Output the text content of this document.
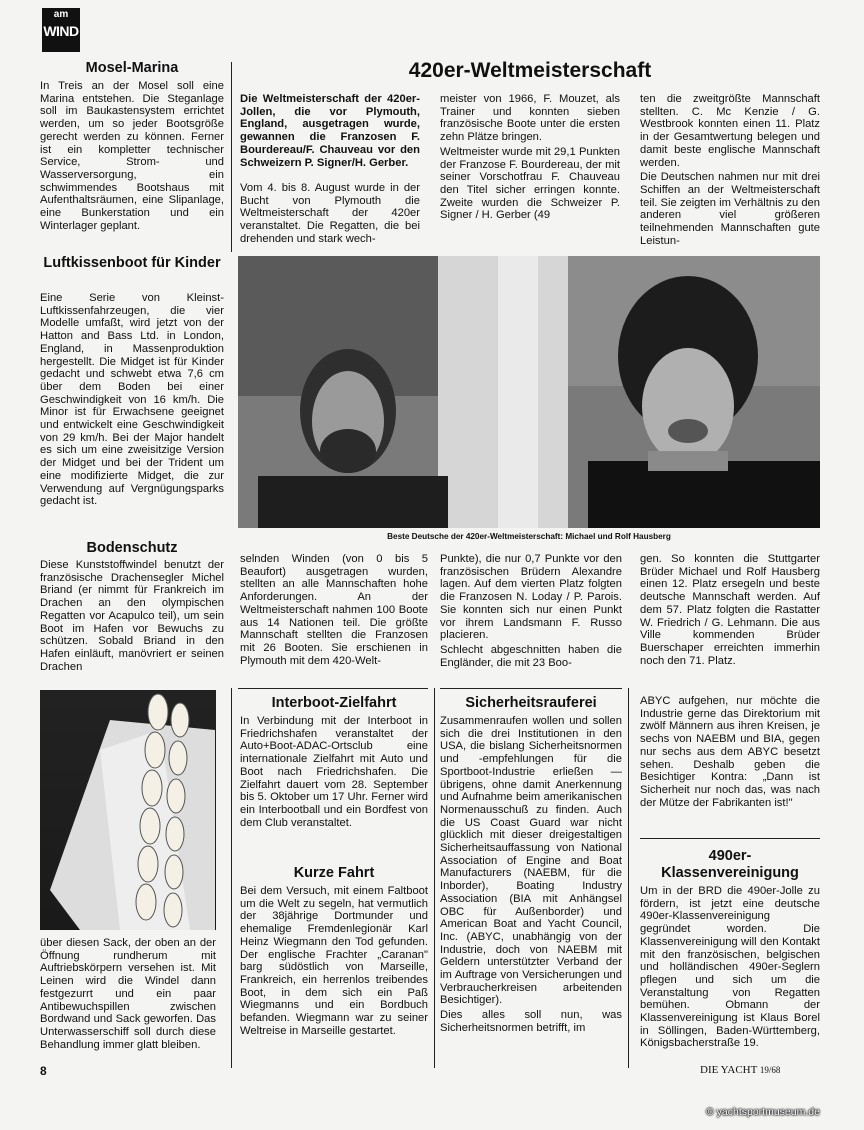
am
WIND
Mosel-Marina
In Treis an der Mosel soll eine Marina entstehen. Die Steganlage soll im Baukastensystem errichtet werden, um so jeder Bootsgröße gerecht werden zu können. Ferner ist ein kompletter technischer Service, Strom- und Wasserversorgung, ein schwimmendes Bootshaus mit Aufenthaltsräumen, eine Slipanlage, eine Bunkerstation und ein Winterlager geplant.
Luftkissenboot für Kinder
Eine Serie von Kleinst-Luftkissenfahrzeugen, die vier Modelle umfaßt, wird jetzt von der Hatton and Bass Ltd. in London, England, in Massenproduktion hergestellt. Die Midget ist für Kinder gedacht und schwebt etwa 7,6 cm über dem Boden bei einer Geschwindigkeit von 16 km/h. Die Minor ist für Erwachsene geeignet und entwickelt eine Geschwindigkeit von 29 km/h. Bei der Major handelt es sich um eine zweisitzige Version der Midget und bei der Trident um eine modifizierte Midget, die zur Verwendung auf Vergnügungsparks gedacht ist.
Bodenschutz
Diese Kunststoffwindel benutzt der französische Drachensegler Michel Briand (er nimmt für Frankreich im Drachen an den olympischen Regatten vor Acapulco teil), um sein Boot im Hafen vor Bewuchs zu schützen. Sobald Briand in den Hafen einläuft, manövriert er seinen Drachen
über diesen Sack, der oben an der Öffnung rundherum mit Auftriebskörpern versehen ist. Mit Leinen wird die Windel dann festgezurrt und ein paar Antibewuchspillen zwischen Bordwand und Sack geworfen. Das Unterwasserschiff soll durch diese Behandlung immer glatt bleiben.
420er-Weltmeisterschaft
Die Weltmeisterschaft der 420er-Jollen, die vor Plymouth, England, ausgetragen wurde, gewannen die Franzosen F. Bourdereau/F. Chauveau vor den Schweizern P. Signer/H. Gerber.
Vom 4. bis 8. August wurde in der Bucht von Plymouth die Weltmeisterschaft der 420er veranstaltet. Die Regatten, die bei drehenden und stark wech-
meister von 1966, F. Mouzet, als Trainer und konnten sieben französische Boote unter die ersten zehn Plätze bringen.
Weltmeister wurde mit 29,1 Punkten der Franzose F. Bourdereau, der mit seiner Vorschotfrau F. Chauveau den Titel sicher erringen konnte. Zweite wurden die Schweizer P. Signer / H. Gerber (49
ten die zweitgrößte Mannschaft stellten. C. Mc Kenzie / G. Westbrook konnten einen 11. Platz in der Gesamtwertung belegen und damit beste englische Mannschaft werden.
Die Deutschen nahmen nur mit drei Schiffen an der Weltmeisterschaft teil. Sie zeigten im Verhältnis zu den anderen viel größeren teilnehmenden Mannschaften gute Leistun-
Beste Deutsche der 420er-Weltmeisterschaft: Michael und Rolf Hausberg
selnden Winden (von 0 bis 5 Beaufort) ausgetragen wurden, stellten an alle Mannschaften hohe Anforderungen. An der Weltmeisterschaft nahmen 100 Boote aus 14 Nationen teil. Die größte Mannschaft stellten die Franzosen mit 26 Booten. Sie erschienen in Plymouth mit dem 420-Welt-
Punkte), die nur 0,7 Punkte vor den französischen Brüdern Alexandre lagen. Auf dem vierten Platz folgten die Franzosen N. Loday / P. Parois. Sie konnten sich nur einen Punkt vor ihrem Landsmann F. Russo placieren.
Schlecht abgeschnitten haben die Engländer, die mit 23 Boo-
gen. So konnten die Stuttgarter Brüder Michael und Rolf Hausberg einen 12. Platz ersegeln und beste deutsche Mannschaft werden. Auf dem 57. Platz folgten die Rastatter W. Friedrich / G. Lehmann. Die aus Ville kommenden Brüder Buerschaper erreichten immerhin noch den 71. Platz.
Interboot-Zielfahrt
In Verbindung mit der Interboot in Friedrichshafen veranstaltet der Auto+Boot-ADAC-Ortsclub eine internationale Zielfahrt mit Auto und Boot nach Friedrichshafen. Die Zielfahrt dauert vom 28. September bis 5. Oktober um 17 Uhr. Ferner wird ein Interbootball und ein Bordfest von dem Club veranstaltet.
Kurze Fahrt
Bei dem Versuch, mit einem Faltboot um die Welt zu segeln, hat vermutlich der 38jährige Dortmunder und ehemalige Fremdenlegionär Karl Heinz Wiegmann den Tod gefunden. Der englische Frachter „Caranan" barg südöstlich von Marseille, Frankreich, ein herrenlos treibendes Boot, in dem sich ein Paß Wiegmanns und ein Bordbuch befanden. Wiegmann war zu seiner Weltreise in Marseille gestartet.
Sicherheitsrauferei
Zusammenraufen wollen und sollen sich die drei Institutionen in den USA, die bislang Sicherheitsnormen und -empfehlungen für die Sportboot-Industrie erließen — übrigens, ohne damit Anerkennung und Aufnahme beim amerikanischen Normenausschuß zu finden. Auch die US Coast Guard war nicht glücklich mit dieser dreigestaltigen Sicherheitsauffassung von National Association of Engine and Boat Manufacturers (NAEBM, für die Inborder), Boating Industry Association (BIA mit Anhängsel OBC für Außenborder) und American Boat and Yacht Council, Inc. (ABYC, unabhängig von der Industrie, doch von NAEBM mit Geldern unterstützter Verband der im Auftrage von Versicherungen und Verbraucherkreisen arbeitenden Besichtiger).
Dies alles soll nun, was Sicherheitsnormen betrifft, im
ABYC aufgehen, nur möchte die Industrie gerne das Direktorium mit zwölf Männern aus ihren Kreisen, je sechs von NAEBM und BIA, gegen nur sechs aus dem ABYC besetzt sehen. Deshalb geben die Besichtiger Kontra: „Dann ist Sicherheit nur noch das, was nach der Mütze der Fabrikanten ist!"
490er-Klassenvereinigung
Um in der BRD die 490er-Jolle zu fördern, ist jetzt eine deutsche 490er-Klassenvereinigung gegründet worden. Die Klassenvereinigung will den Kontakt mit den französischen, belgischen und holländischen 490er-Seglern pflegen und sich um die Veranstaltung von Regatten bemühen. Obmann der Klassenvereinigung ist Klaus Borel in Söllingen, Baden-Württemberg, Königsbacherstraße 19.
8	DIE YACHT 19/68
© yachtsportmuseum.de
